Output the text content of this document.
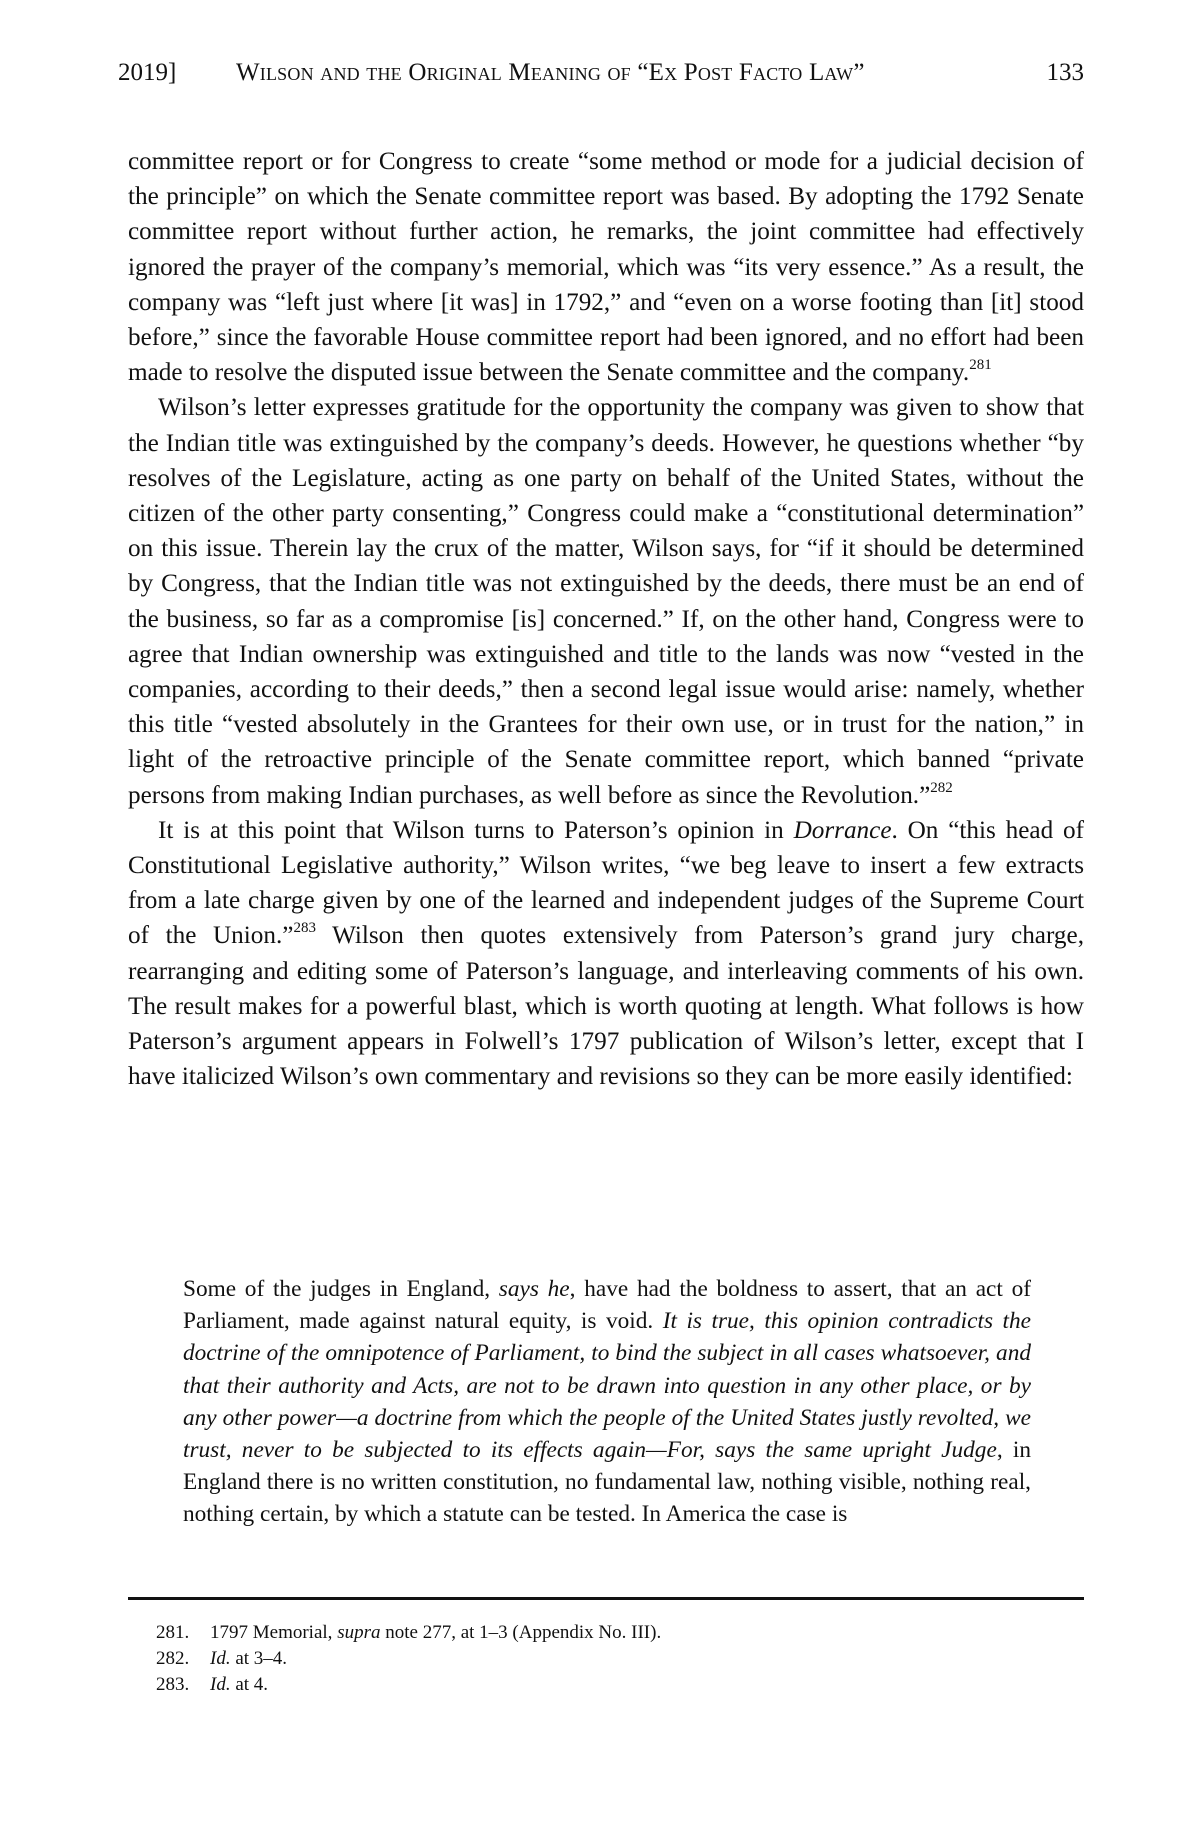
2019] Wilson and the Original Meaning of “Ex Post Facto Law”	133

committee report or for Congress to create “some method or mode for a judicial decision of the principle” on which the Senate committee report was based. By adopting the 1792 Senate committee report without further action, he remarks, the joint committee had effectively ignored the prayer of the company’s memorial, which was “its very essence.” As a result, the company was “left just where [it was] in 1792,” and “even on a worse footing than [it] stood before,” since the favorable House committee report had been ignored, and no effort had been made to resolve the disputed issue between the Senate committee and the company.$^{281}$

Wilson’s letter expresses gratitude for the opportunity the company was given to show that the Indian title was extinguished by the company’s deeds. However, he questions whether “by resolves of the Legislature, acting as one party on behalf of the United States, without the citizen of the other party consenting,” Congress could make a “constitutional determination” on this issue. Therein lay the crux of the matter, Wilson says, for “if it should be determined by Congress, that the Indian title was not extinguished by the deeds, there must be an end of the business, so far as a compromise [is] concerned.” If, on the other hand, Congress were to agree that Indian ownership was extinguished and title to the lands was now “vested in the companies, according to their deeds,” then a second legal issue would arise: namely, whether this title “vested absolutely in the Grantees for their own use, or in trust for the nation,” in light of the retroactive principle of the Senate committee report, which banned “private persons from making Indian purchases, as well before as since the Revolution.”$^{282}$

It is at this point that Wilson turns to Paterson’s opinion in Dorrance. On “this head of Constitutional Legislative authority,” Wilson writes, “we beg leave to insert a few extracts from a late charge given by one of the learned and independent judges of the Supreme Court of the Union.”$^{283}$ Wilson then quotes extensively from Paterson’s grand jury charge, rearranging and editing some of Paterson’s language, and interleaving comments of his own. The result makes for a powerful blast, which is worth quoting at length. What follows is how Paterson’s argument appears in Folwell’s 1797 publication of Wilson’s letter, except that I have italicized Wilson’s own commentary and revisions so they can be more easily identified:

Some of the judges in England, says he, have had the boldness to assert, that an act of Parliament, made against natural equity, is void. It is true, this opinion contradicts the doctrine of the omnipotence of Parliament, to bind the subject in all cases whatsoever, and that their authority and Acts, are not to be drawn into question in any other place, or by any other power—a doctrine from which the people of the United States justly revolted, we trust, never to be subjected to its effects again—For, says the same upright Judge, in England there is no written constitution, no fundamental law, nothing visible, nothing real, nothing certain, by which a statute can be tested. In America the case is

281. 1797 Memorial, supra note 277, at 1–3 (Appendix No. III).
282. Id. at 3–4.
283. Id. at 4.
